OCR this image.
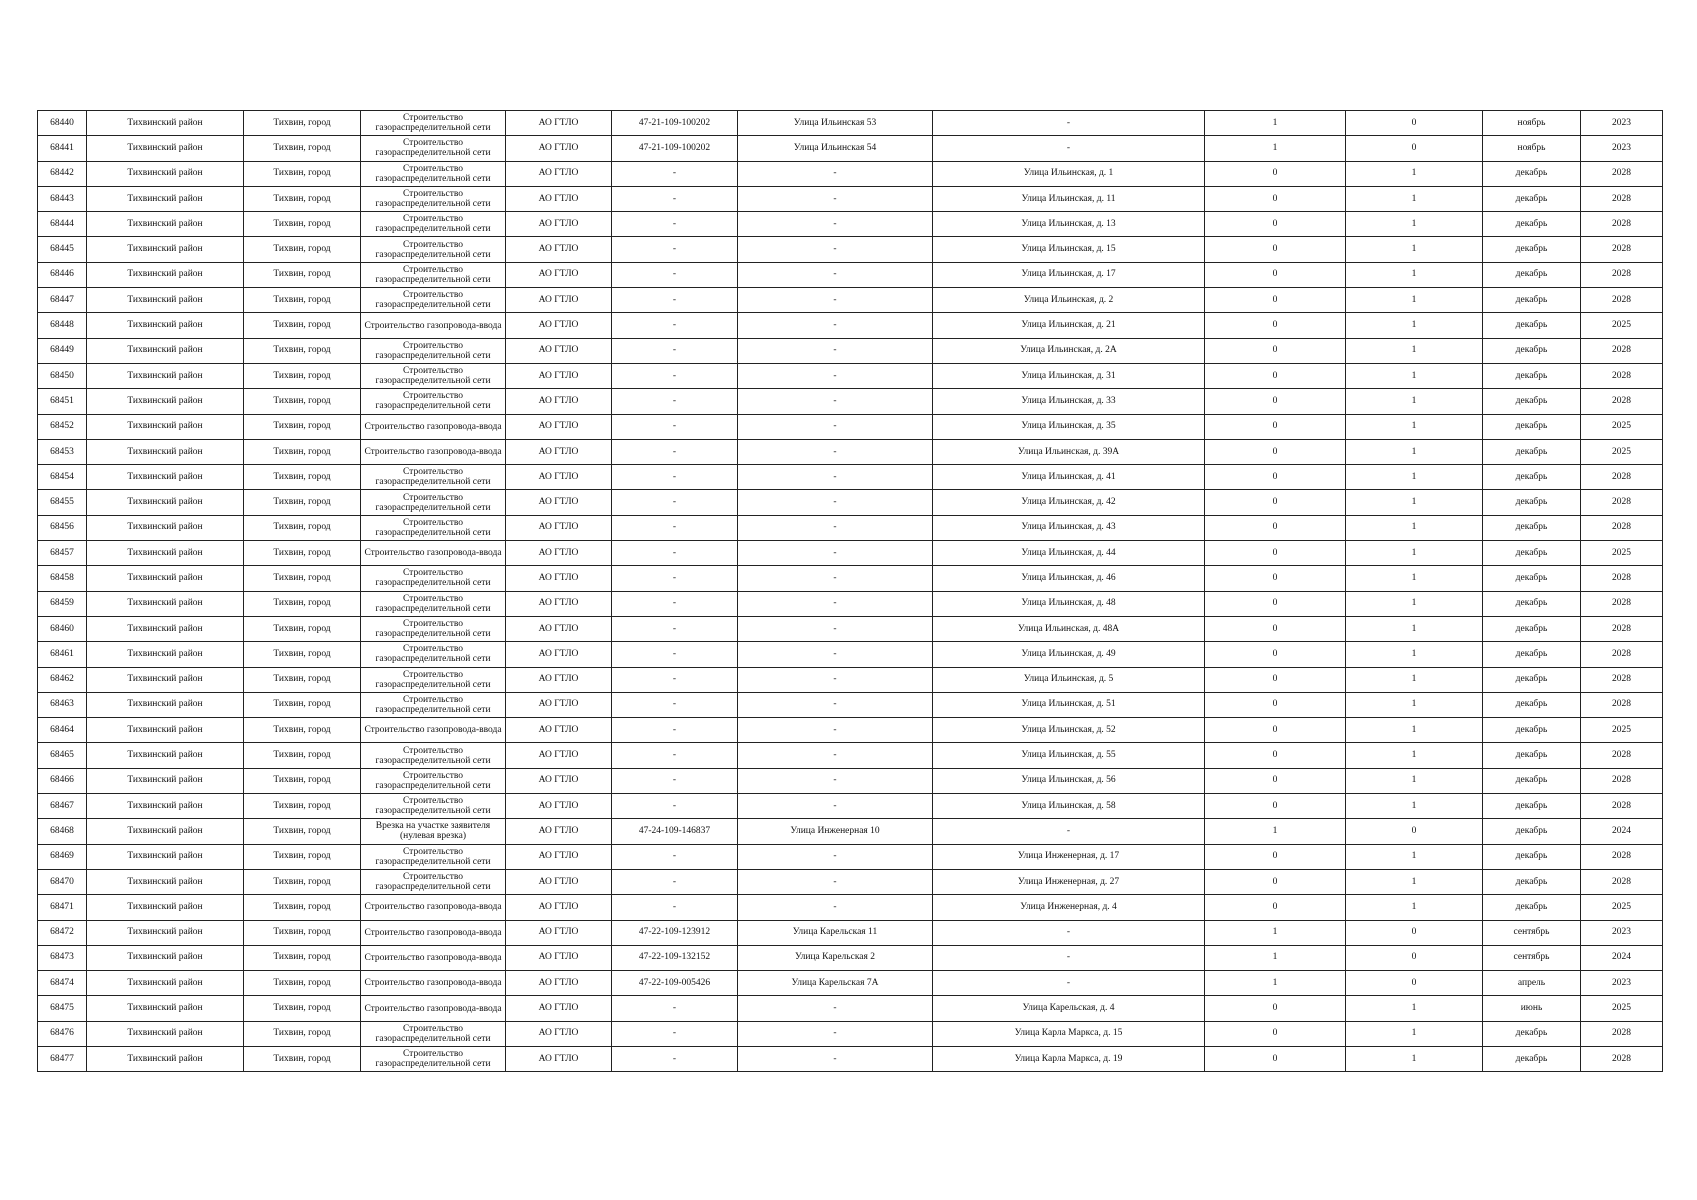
68440	Тихвинский район	Тихвин, город	Строительство газораспределительной сети	АО ГТЛО	47-21-109-100202	Улица Ильинская 53	-	1	0	ноябрь	2023
68441	Тихвинский район	Тихвин, город	Строительство газораспределительной сети	АО ГТЛО	47-21-109-100202	Улица Ильинская 54	-	1	0	ноябрь	2023
68442	Тихвинский район	Тихвин, город	Строительство газораспределительной сети	АО ГТЛО	-	-	Улица Ильинская, д. 1	0	1	декабрь	2028
68443	Тихвинский район	Тихвин, город	Строительство газораспределительной сети	АО ГТЛО	-	-	Улица Ильинская, д. 11	0	1	декабрь	2028
68444	Тихвинский район	Тихвин, город	Строительство газораспределительной сети	АО ГТЛО	-	-	Улица Ильинская, д. 13	0	1	декабрь	2028
68445	Тихвинский район	Тихвин, город	Строительство газораспределительной сети	АО ГТЛО	-	-	Улица Ильинская, д. 15	0	1	декабрь	2028
68446	Тихвинский район	Тихвин, город	Строительство газораспределительной сети	АО ГТЛО	-	-	Улица Ильинская, д. 17	0	1	декабрь	2028
68447	Тихвинский район	Тихвин, город	Строительство газораспределительной сети	АО ГТЛО	-	-	Улица Ильинская, д. 2	0	1	декабрь	2028
68448	Тихвинский район	Тихвин, город	Строительство газопровода-ввода	АО ГТЛО	-	-	Улица Ильинская, д. 21	0	1	декабрь	2025
68449	Тихвинский район	Тихвин, город	Строительство газораспределительной сети	АО ГТЛО	-	-	Улица Ильинская, д. 2А	0	1	декабрь	2028
68450	Тихвинский район	Тихвин, город	Строительство газораспределительной сети	АО ГТЛО	-	-	Улица Ильинская, д. 31	0	1	декабрь	2028
68451	Тихвинский район	Тихвин, город	Строительство газораспределительной сети	АО ГТЛО	-	-	Улица Ильинская, д. 33	0	1	декабрь	2028
68452	Тихвинский район	Тихвин, город	Строительство газопровода-ввода	АО ГТЛО	-	-	Улица Ильинская, д. 35	0	1	декабрь	2025
68453	Тихвинский район	Тихвин, город	Строительство газопровода-ввода	АО ГТЛО	-	-	Улица Ильинская, д. 39А	0	1	декабрь	2025
68454	Тихвинский район	Тихвин, город	Строительство газораспределительной сети	АО ГТЛО	-	-	Улица Ильинская, д. 41	0	1	декабрь	2028
68455	Тихвинский район	Тихвин, город	Строительство газораспределительной сети	АО ГТЛО	-	-	Улица Ильинская, д. 42	0	1	декабрь	2028
68456	Тихвинский район	Тихвин, город	Строительство газораспределительной сети	АО ГТЛО	-	-	Улица Ильинская, д. 43	0	1	декабрь	2028
68457	Тихвинский район	Тихвин, город	Строительство газопровода-ввода	АО ГТЛО	-	-	Улица Ильинская, д. 44	0	1	декабрь	2025
68458	Тихвинский район	Тихвин, город	Строительство газораспределительной сети	АО ГТЛО	-	-	Улица Ильинская, д. 46	0	1	декабрь	2028
68459	Тихвинский район	Тихвин, город	Строительство газораспределительной сети	АО ГТЛО	-	-	Улица Ильинская, д. 48	0	1	декабрь	2028
68460	Тихвинский район	Тихвин, город	Строительство газораспределительной сети	АО ГТЛО	-	-	Улица Ильинская, д. 48А	0	1	декабрь	2028
68461	Тихвинский район	Тихвин, город	Строительство газораспределительной сети	АО ГТЛО	-	-	Улица Ильинская, д. 49	0	1	декабрь	2028
68462	Тихвинский район	Тихвин, город	Строительство газораспределительной сети	АО ГТЛО	-	-	Улица Ильинская, д. 5	0	1	декабрь	2028
68463	Тихвинский район	Тихвин, город	Строительство газораспределительной сети	АО ГТЛО	-	-	Улица Ильинская, д. 51	0	1	декабрь	2028
68464	Тихвинский район	Тихвин, город	Строительство газопровода-ввода	АО ГТЛО	-	-	Улица Ильинская, д. 52	0	1	декабрь	2025
68465	Тихвинский район	Тихвин, город	Строительство газораспределительной сети	АО ГТЛО	-	-	Улица Ильинская, д. 55	0	1	декабрь	2028
68466	Тихвинский район	Тихвин, город	Строительство газораспределительной сети	АО ГТЛО	-	-	Улица Ильинская, д. 56	0	1	декабрь	2028
68467	Тихвинский район	Тихвин, город	Строительство газораспределительной сети	АО ГТЛО	-	-	Улица Ильинская, д. 58	0	1	декабрь	2028
68468	Тихвинский район	Тихвин, город	Врезка на участке заявителя (нулевая врезка)	АО ГТЛО	47-24-109-146837	Улица Инженерная 10	-	1	0	декабрь	2024
68469	Тихвинский район	Тихвин, город	Строительство газораспределительной сети	АО ГТЛО	-	-	Улица Инженерная, д. 17	0	1	декабрь	2028
68470	Тихвинский район	Тихвин, город	Строительство газораспределительной сети	АО ГТЛО	-	-	Улица Инженерная, д. 27	0	1	декабрь	2028
68471	Тихвинский район	Тихвин, город	Строительство газопровода-ввода	АО ГТЛО	-	-	Улица Инженерная, д. 4	0	1	декабрь	2025
68472	Тихвинский район	Тихвин, город	Строительство газопровода-ввода	АО ГТЛО	47-22-109-123912	Улица Карельская 11	-	1	0	сентябрь	2023
68473	Тихвинский район	Тихвин, город	Строительство газопровода-ввода	АО ГТЛО	47-22-109-132152	Улица Карельская 2	-	1	0	сентябрь	2024
68474	Тихвинский район	Тихвин, город	Строительство газопровода-ввода	АО ГТЛО	47-22-109-005426	Улица Карельская 7А	-	1	0	апрель	2023
68475	Тихвинский район	Тихвин, город	Строительство газопровода-ввода	АО ГТЛО	-	-	Улица Карельская, д. 4	0	1	июнь	2025
68476	Тихвинский район	Тихвин, город	Строительство газораспределительной сети	АО ГТЛО	-	-	Улица Карла Маркса, д. 15	0	1	декабрь	2028
68477	Тихвинский район	Тихвин, город	Строительство газораспределительной сети	АО ГТЛО	-	-	Улица Карла Маркса, д. 19	0	1	декабрь	2028
